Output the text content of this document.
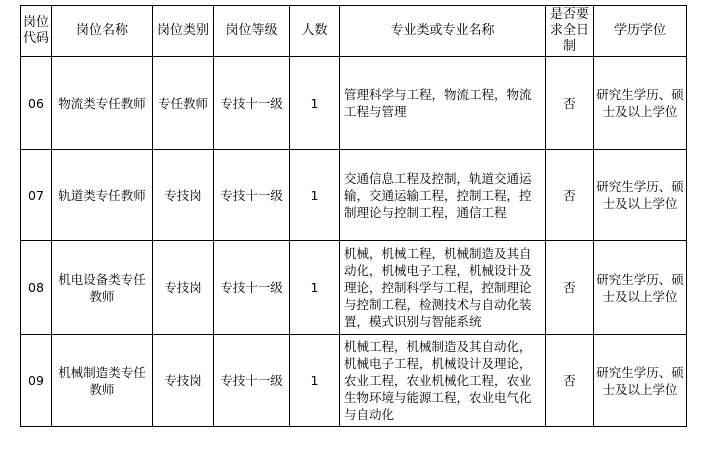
岗位代码	岗位名称	岗位类别	岗位等级	人数	专业类或专业名称	是否要求全日制	学历学位
06	物流类专任教师	专任教师	专技十一级	1	管理科学与工程，物流工程，物流工程与管理	否	研究生学历、硕士及以上学位
07	轨道类专任教师	专技岗	专技十一级	1	交通信息工程及控制，轨道交通运输，交通运输工程，控制工程，控制理论与控制工程，通信工程	否	研究生学历、硕士及以上学位
08	机电设备类专任教师	专技岗	专技十一级	1	机械，机械工程，机械制造及其自动化，机械电子工程，机械设计及理论，控制科学与工程，控制理论与控制工程，检测技术与自动化装置，模式识别与智能系统	否	研究生学历、硕士及以上学位
09	机械制造类专任教师	专技岗	专技十一级	1	机械工程，机械制造及其自动化，机械电子工程，机械设计及理论，农业工程，农业机械化工程，农业生物环境与能源工程，农业电气化与自动化	否	研究生学历、硕士及以上学位
